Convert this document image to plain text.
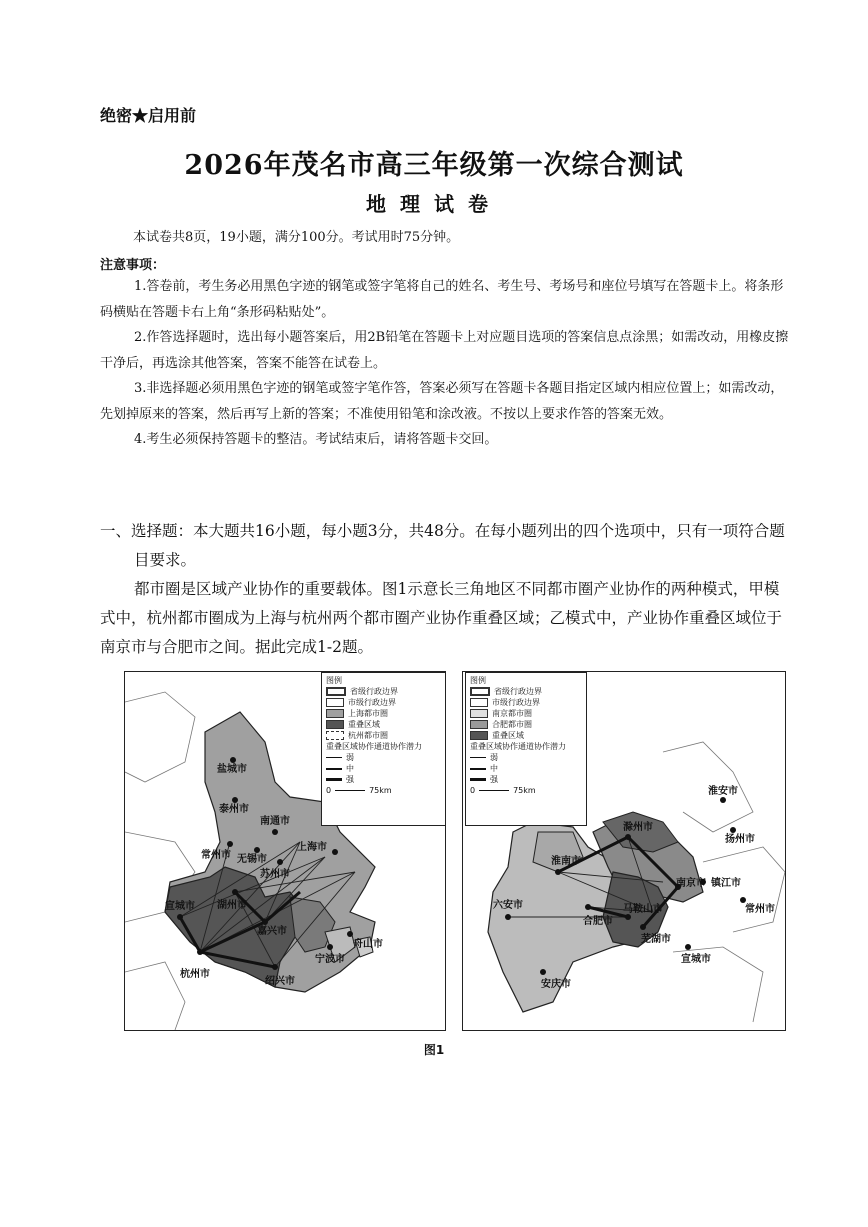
绝密★启用前
2026年茂名市高三年级第一次综合测试
地理试卷
本试卷共8页，19小题，满分100分。考试用时75分钟。
注意事项：

1.答卷前，考生务必用黑色字迹的钢笔或签字笔将自己的姓名、考生号、考场号和座位号填写在答题卡上。将条形码横贴在答题卡右上角“条形码粘贴处”。

2.作答选择题时，选出每小题答案后，用2B铅笔在答题卡上对应题目选项的答案信息点涂黑；如需改动，用橡皮擦干净后，再选涂其他答案，答案不能答在试卷上。

3.非选择题必须用黑色字迹的钢笔或签字笔作答，答案必须写在答题卡各题目指定区域内相应位置上；如需改动，先划掉原来的答案，然后再写上新的答案；不准使用铅笔和涂改液。不按以上要求作答的答案无效。

4.考生必须保持答题卡的整洁。考试结束后，请将答题卡交回。

一、选择题：本大题共16小题，每小题3分，共48分。在每小题列出的四个选项中，只有一项符合题目要求。

都市圈是区域产业协作的重要载体。图1示意长三角地区不同都市圈产业协作的两种模式，甲模式中，杭州都市圈成为上海与杭州两个都市圈产业协作重叠区域；乙模式中，产业协作重叠区域位于南京市与合肥市之间。据此完成1-2题。

盐城市
泰州市
南通市
常州市 无锡市
苏州市
上海市
湖州市
嘉兴市
宣城市
舟山市
宁波市
杭州市
绍兴市
图例
省级行政边界
市级行政边界
上海都市圈
重叠区域
杭州都市圈
重叠区域协作通道协作潜力
弱
中
强
0	75km	淮安市
扬州市
淮南市
滁州市
南京市 镇江市
常州市
六安市
合肥市
马鞍山市
芜湖市
安庆市
宣城市
图例
省级行政边界
市级行政边界
南京都市圈
合肥都市圈
重叠区域
重叠区域协作通道协作潜力
弱
中
强
0	75km
图1
